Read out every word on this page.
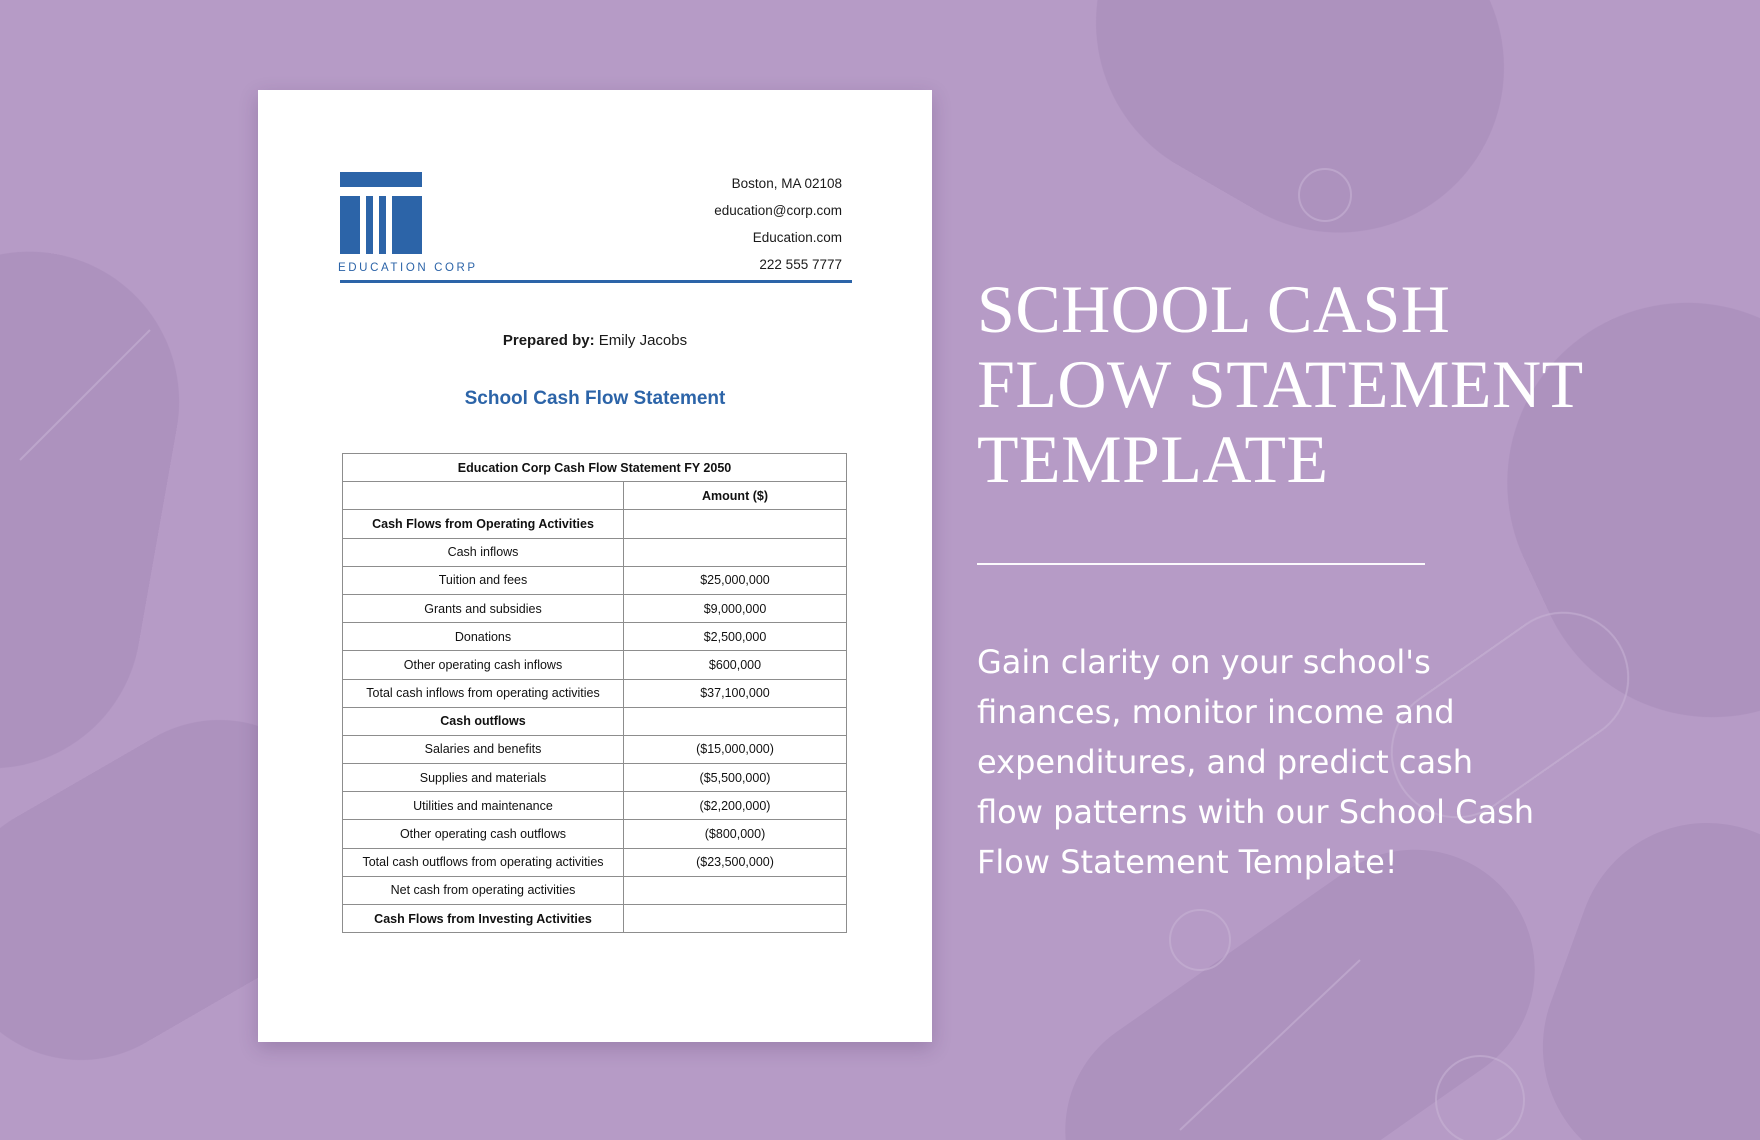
EDUCATION CORP
Boston, MA 02108
education@corp.com
Education.com
222 555 7777
Prepared by: Emily Jacobs
School Cash Flow Statement
Education Corp Cash Flow Statement FY 2050	
	Amount ($)
Cash Flows from Operating Activities	
Cash inflows	
Tuition and fees	$25,000,000
Grants and subsidies	$9,000,000
Donations	$2,500,000
Other operating cash inflows	$600,000
Total cash inflows from operating activities	$37,100,000
Cash outflows	
Salaries and benefits	($15,000,000)
Supplies and materials	($5,500,000)
Utilities and maintenance	($2,200,000)
Other operating cash outflows	($800,000)
Total cash outflows from operating activities	($23,500,000)
Net cash from operating activities	
Cash Flows from Investing Activities	
SCHOOL CASH
FLOW STATEMENT
TEMPLATE
Gain clarity on your school's
finances, monitor income and
expenditures, and predict cash
flow patterns with our School Cash
Flow Statement Template!
